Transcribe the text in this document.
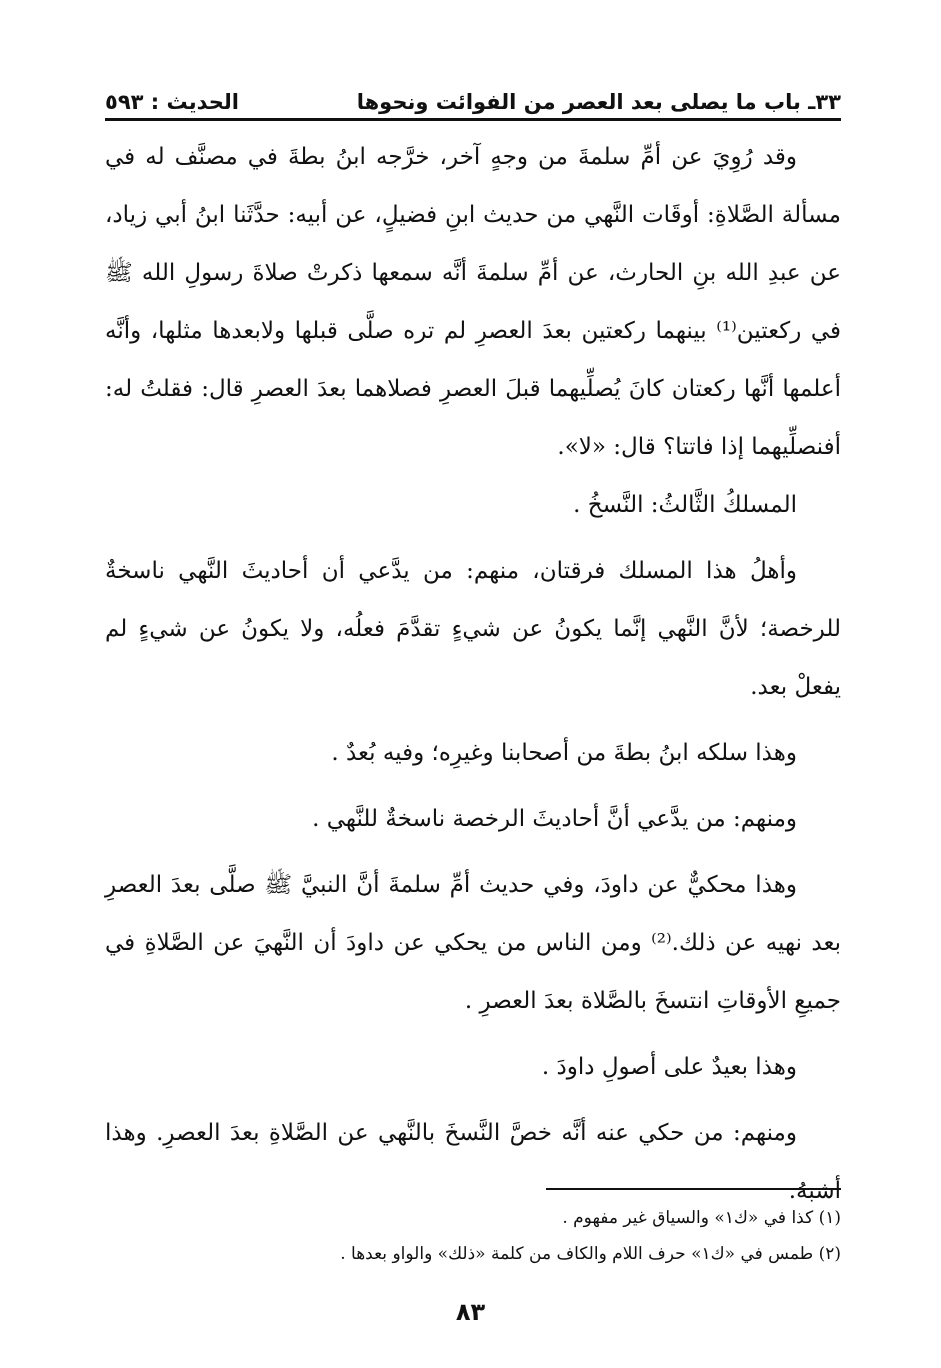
٣٣ـ باب ما يصلى بعد العصر من الفوائت ونحوها
الحديث : ٥٩٣

وقد رُوِيَ عن أمِّ سلمةَ من وجهٍ آخر، خرَّجه ابنُ بطةَ في مصنَّف له في مسألة الصَّلاةِ: أوقَات النَّهي من حديث ابنِ فضيلٍ، عن أبيه: حدَّثَنا ابنُ أبي زياد، عن عبدِ الله بنِ الحارث، عن أمِّ سلمةَ أنَّه سمعها ذكرتْ صلاةَ رسولِ الله ﷺ في ركعتين⁽¹⁾ بينهما ركعتين بعدَ العصرِ لم تره صلَّى قبلها ولابعدها مثلها، وأنَّه أعلمها أنَّها ركعتان كانَ يُصلِّيهما قبلَ العصرِ فصلاهما بعدَ العصرِ قال: فقلتُ له: أفنصلِّيهما إذا فاتتا؟ قال: «لا».

المسلكُ الثَّالثُ: النَّسخُ .

وأهلُ هذا المسلك فرقتان، منهم: من يدَّعي أن أحاديثَ النَّهي ناسخةٌ للرخصة؛ لأنَّ النَّهي إنَّما يكونُ عن شيءٍ تقدَّمَ فعلُه، ولا يكونُ عن شيءٍ لم يفعلْ بعد.

وهذا سلكه ابنُ بطةَ من أصحابنا وغيرِه؛ وفيه بُعدٌ .

ومنهم: من يدَّعي أنَّ أحاديثَ الرخصة ناسخةٌ للنَّهي .

وهذا محكيٌّ عن داودَ، وفي حديث أمِّ سلمةَ أنَّ النبيَّ ﷺ صلَّى بعدَ العصرِ بعد نهيه عن ذلك.⁽²⁾ ومن الناس من يحكي عن داودَ أن النَّهيَ عن الصَّلاةِ في جميعِ الأوقاتِ انتسخَ بالصَّلاة بعدَ العصرِ .

وهذا بعيدٌ على أصولِ داودَ .

ومنهم: من حكي عنه أنَّه خصَّ النَّسخَ بالنَّهي عن الصَّلاةِ بعدَ العصرِ. وهذا أشبهُ.

(١) كذا في «ك١» والسياق غير مفهوم .

(٢) طمس في «ك١» حرف اللام والكاف من كلمة «ذلك» والواو بعدها .

٨٣
